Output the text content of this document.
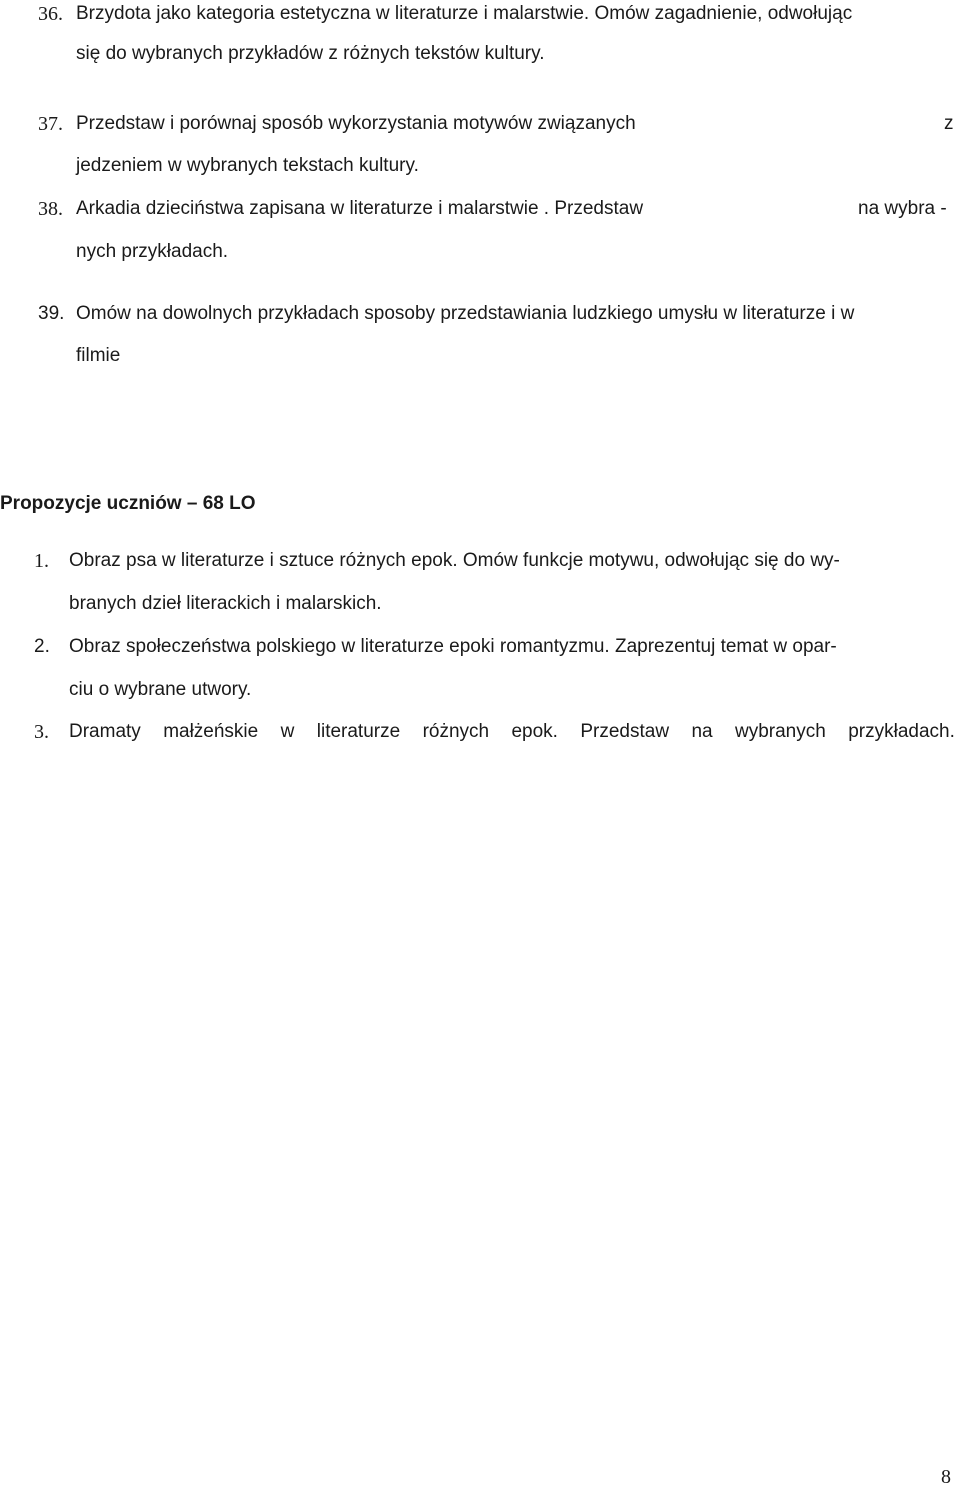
36. Brzydota jako kategoria estetyczna w literaturze i malarstwie. Omów zagadnienie, odwołując
się do wybranych przykładów z różnych tekstów kultury.
37. Przedstaw i porównaj sposób wykorzystania motywów związanych	z
jedzeniem w wybranych tekstach kultury.
38. Arkadia dzieciństwa zapisana w literaturze i malarstwie . Przedstaw	na wybra -
nych przykładach.
39. Omów na dowolnych przykładach sposoby przedstawiania ludzkiego umysłu w literaturze i w
filmie
Propozycje uczniów – 68 LO
1. Obraz psa w literaturze i sztuce różnych epok. Omów funkcje motywu, odwołując się do wy-
branych dzieł literackich i malarskich.
2. Obraz społeczeństwa polskiego w literaturze epoki romantyzmu. Zaprezentuj temat w opar-
ciu o wybrane utwory.
3. Dramaty małżeńskie w literaturze różnych epok. Przedstaw na wybranych przykładach.
8
